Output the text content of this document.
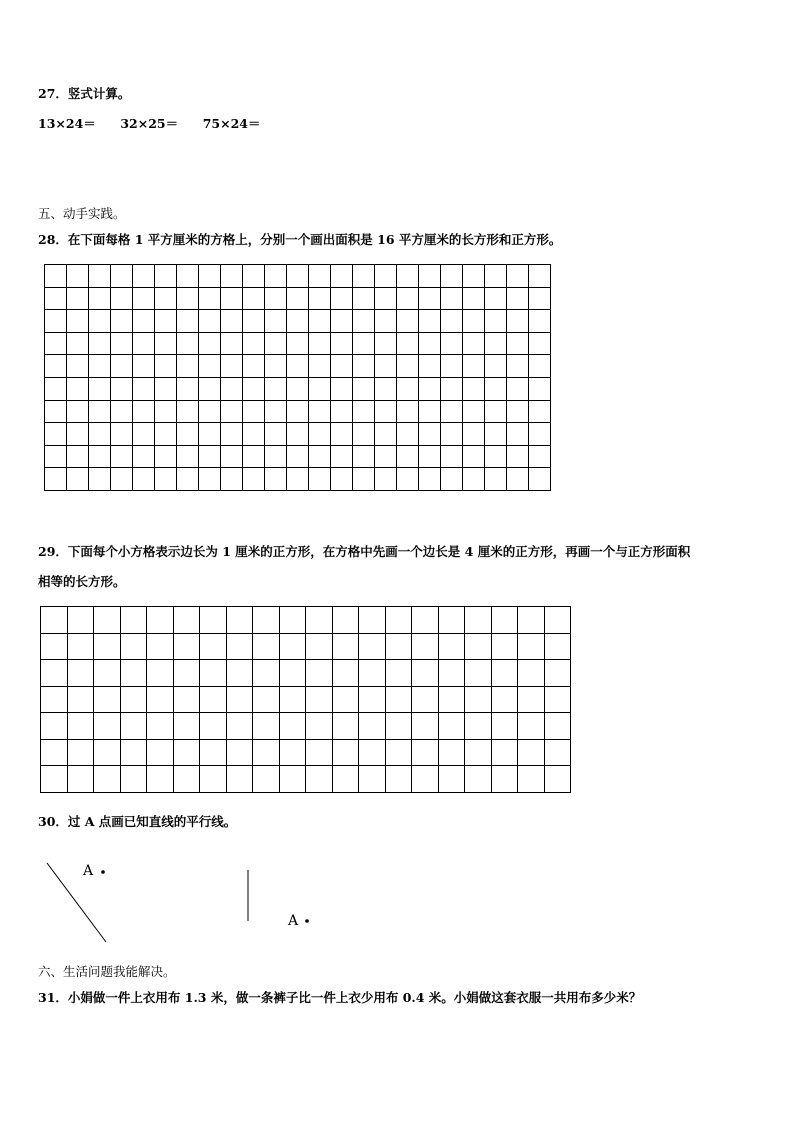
27．竖式计算。
13×24＝ 32×25＝ 75×24＝
五、动手实践。
28．在下面每格 1 平方厘米的方格上，分别一个画出面积是 16 平方厘米的长方形和正方形。

29．下面每个小方格表示边长为 1 厘米的正方形，在方格中先画一个边长是 4 厘米的正方形，再画一个与正方形面积
相等的长方形。

30．过 A 点画已知直线的平行线。
A
A
六、生活问题我能解决。
31．小娟做一件上衣用布 1.3 米，做一条裤子比一件上衣少用布 0.4 米。小娟做这套衣服一共用布多少米？
